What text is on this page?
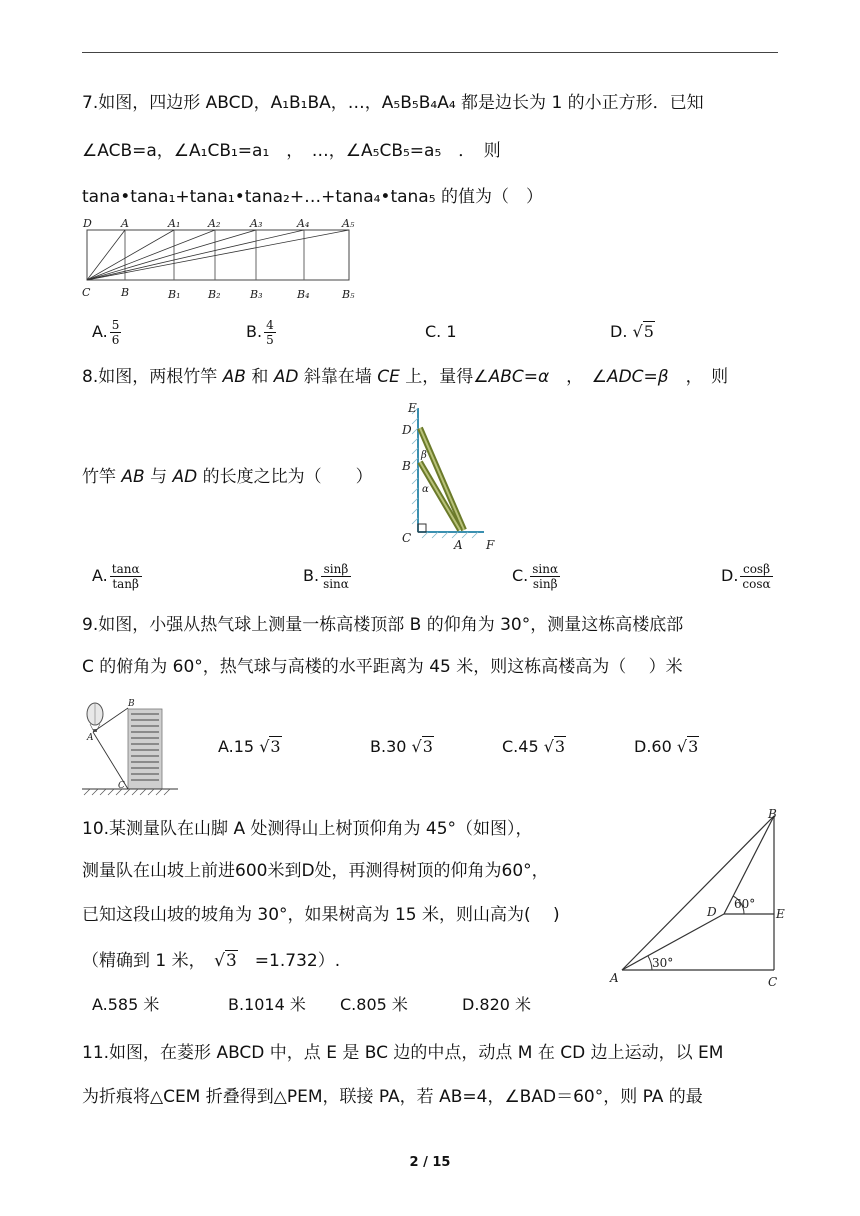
7.如图，四边形 ABCD，A₁B₁BA，…，A₅B₅B₄A₄ 都是边长为 1 的小正方形．已知
∠ACB=a，∠A₁CB₁=a₁　，　…，∠A₅CB₅=a₅　．　则
tana•tana₁+tana₁•tana₂+…+tana₄•tana₅ 的值为（　）
D	A	A₁	A₂	A₃	A₄	A₅
C	B	B₁	B₂	B₃	B₄	B₅
A. $\frac{5}{6}$	B. $\frac{4}{5}$	C. 1	D. √5
8.如图，两根竹竿 AB 和 AD 斜靠在墙 CE 上，量得∠ABC=α　，　∠ADC=β　，　则
E
D
B
β
α
C	A F
竹竿 AB 与 AD 的长度之比为（　　）
A. $\frac{\tan\alpha}{\tan\beta}$	B. $\frac{\sin\beta}{\sin\alpha}$	C. $\frac{\sin\alpha}{\sin\beta}$	D. $\frac{\cos\beta}{\cos\alpha}$
9.如图，小强从热气球上测量一栋高楼顶部 B 的仰角为 30°，测量这栋高楼底部
C 的俯角为 60°，热气球与高楼的水平距离为 45 米，则这栋高楼高为（　 ）米
B
A
C
A.15 √3	B.30 √3	C.45 √3	D.60 √3
10.某测量队在山脚 A 处测得山上树顶仰角为 45°（如图），
测量队在山坡上前进600米到D处，再测得树顶的仰角为60°，
已知这段山坡的坡角为 30°，如果树高为 15 米，则山高为(　 )
（精确到 1 米，　√3　=1.732）.
B
60°
D	E
A
30°
C
A.585 米	B.1014 米 C.805 米	D.820 米
11.如图，在菱形 ABCD 中，点 E 是 BC 边的中点，动点 M 在 CD 边上运动，以 EM
为折痕将△CEM 折叠得到△PEM，联接 PA，若 AB=4，∠BAD＝60°，则 PA 的最
2 / 15
